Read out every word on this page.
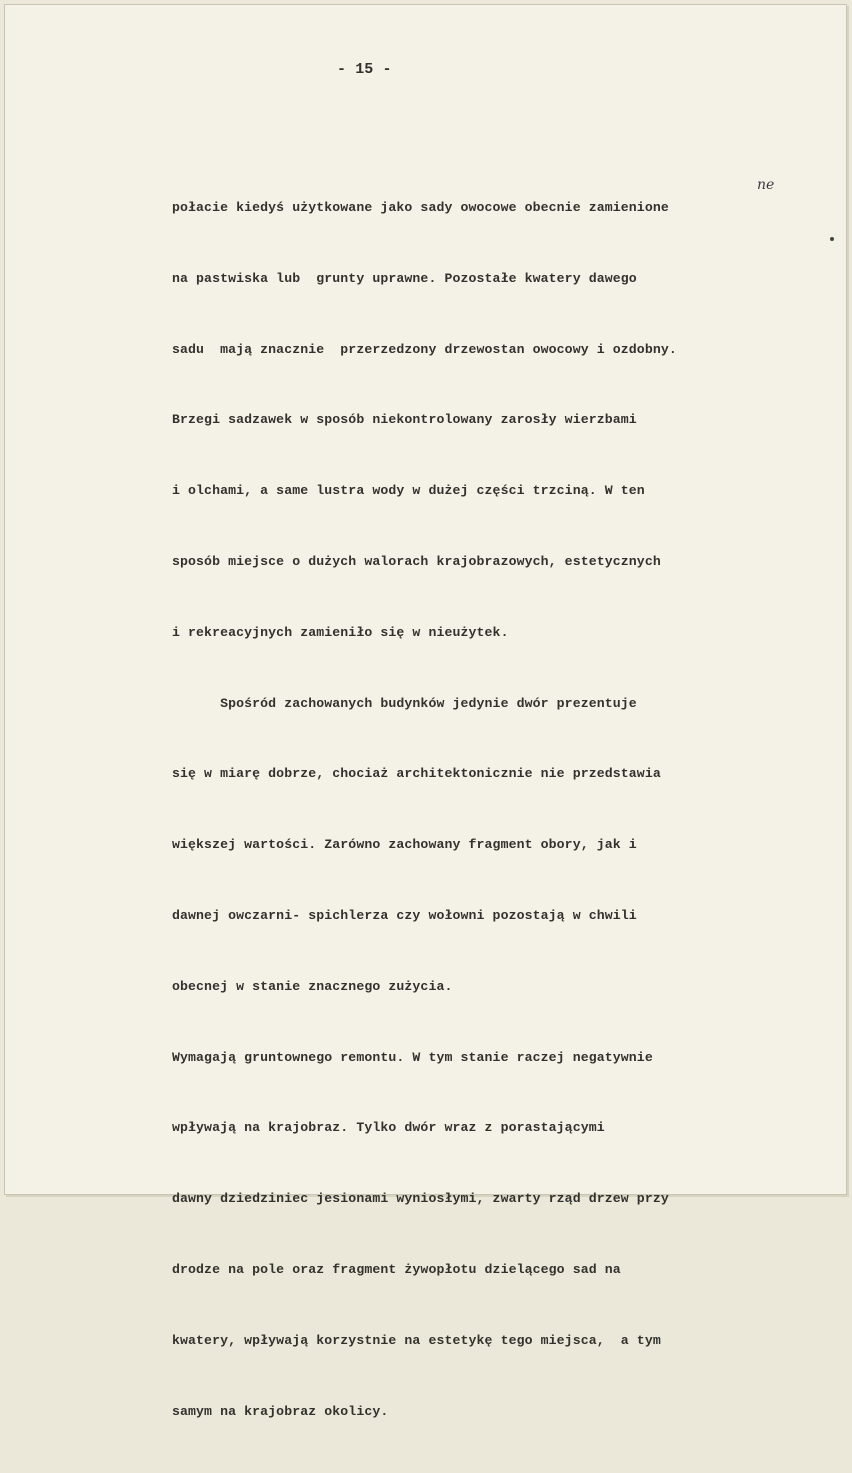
- 15 -
ne

połacie kiedyś użytkowane jako sady owocowe obecnie zamienione

na pastwiska lub  grunty uprawne. Pozostałe kwatery dawego

sadu  mają znacznie  przerzedzony drzewostan owocowy i ozdobny.

Brzegi sadzawek w sposób niekontrolowany zarosły wierzbami

i olchami, a same lustra wody w dużej części trzciną. W ten

sposób miejsce o dużych walorach krajobrazowych, estetycznych

i rekreacyjnych zamieniło się w nieużytek.

Spośród zachowanych budynków jedynie dwór prezentuje

się w miarę dobrze, chociaż architektonicznie nie przedstawia

większej wartości. Zarówno zachowany fragment obory, jak i

dawnej owczarni- spichlerza czy wołowni pozostają w chwili

obecnej w stanie znacznego zużycia.

Wymagają gruntownego remontu. W tym stanie raczej negatywnie

wpływają na krajobraz. Tylko dwór wraz z porastającymi

dawny dziedziniec jesionami wyniosłymi, zwarty rząd drzew przy

drodze na pole oraz fragment żywopłotu dzielącego sad na

kwatery, wpływają korzystnie na estetykę tego miejsca,  a tym

samym na krajobraz okolicy.
